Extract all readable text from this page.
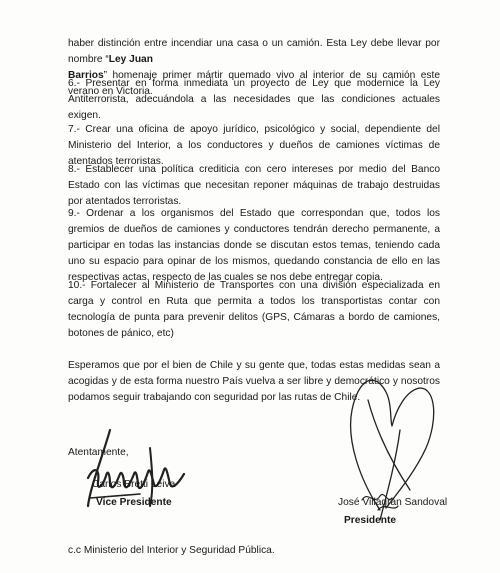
haber distinción entre incendiar una casa o un camión. Esta Ley debe llevar por nombre “Ley Juan
Barrios” homenaje primer mártir quemado vivo al interior de su camión este verano en Victoria.

6.- Presentar en forma inmediata un proyecto de Ley que modernice la Ley Antiterrorista, adecuándola a las necesidades que las condiciones actuales exigen.

7.- Crear una oficina de apoyo jurídico, psicológico y social, dependiente del Ministerio del Interior, a los conductores y dueños de camiones víctimas de atentados terroristas.

8.- Establecer una política crediticia con cero intereses por medio del Banco Estado con las víctimas que necesitan reponer máquinas de trabajo destruidas por atentados terroristas.

9.- Ordenar a los organismos del Estado que correspondan que, todos los gremios de dueños de camiones y conductores tendrán derecho permanente, a participar en todas las instancias donde se discutan estos temas, teniendo cada uno su espacio para opinar de los mismos, quedando constancia de ello en las respectivas actas, respecto de las cuales se nos debe entregar copia.

10.- Fortalecer al Ministerio de Transportes con una división especializada en carga y control en Ruta que permita a todos los transportistas contar con tecnología de punta para prevenir delitos (GPS, Cámaras a bordo de camiones, botones de pánico, etc)

Esperamos que por el bien de Chile y su gente que, todas estas medidas sean a acogidas y de esta forma nuestro País vuelva a ser libre y democrático y nosotros podamos seguir trabajando con seguridad por las rutas de Chile.

Atentamente,
Carlos Bretti Leiva
Vice Presidente	José Villagrán Sandoval
Presidente
c.c Ministerio del Interior y Seguridad Pública.
